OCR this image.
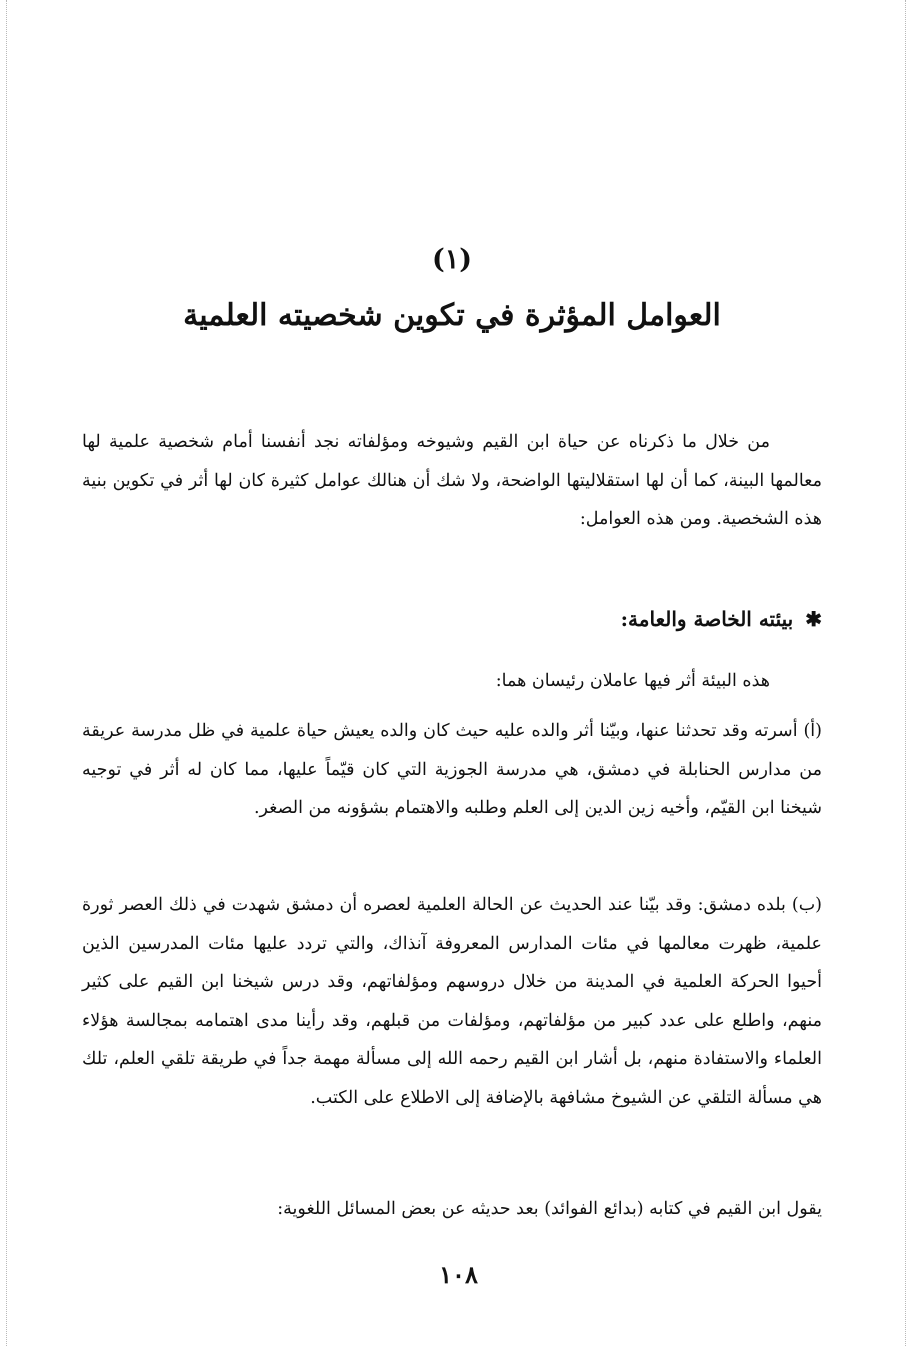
(١)
العوامل المؤثرة في تكوين شخصيته العلمية

من خلال ما ذكرناه عن حياة ابن القيم وشيوخه ومؤلفاته نجد أنفسنا أمام شخصية علمية لها معالمها البينة، كما أن لها استقلاليتها الواضحة، ولا شك أن هنالك عوامل كثيرة كان لها أثر في تكوين بنية هذه الشخصية. ومن هذه العوامل:

✱بيئته الخاصة والعامة:

هذه البيئة أثر فيها عاملان رئيسان هما:

(أ) أسرته وقد تحدثنا عنها، وبيّنا أثر والده عليه حيث كان والده يعيش حياة علمية في ظل مدرسة عريقة من مدارس الحنابلة في دمشق، هي مدرسة الجوزية التي كان قيّماً عليها، مما كان له أثر في توجيه شيخنا ابن القيّم، وأخيه زين الدين إلى العلم وطلبه والاهتمام بشؤونه من الصغر.

(ب) بلده دمشق: وقد بيّنا عند الحديث عن الحالة العلمية لعصره أن دمشق شهدت في ذلك العصر ثورة علمية، ظهرت معالمها في مئات المدارس المعروفة آنذاك، والتي تردد عليها مئات المدرسين الذين أحيوا الحركة العلمية في المدينة من خلال دروسهم ومؤلفاتهم، وقد درس شيخنا ابن القيم على كثير منهم، واطلع على عدد كبير من مؤلفاتهم، ومؤلفات من قبلهم، وقد رأينا مدى اهتمامه بمجالسة هؤلاء العلماء والاستفادة منهم، بل أشار ابن القيم رحمه الله إلى مسألة مهمة جداً في طريقة تلقي العلم، تلك هي مسألة التلقي عن الشيوخ مشافهة بالإضافة إلى الاطلاع على الكتب.

يقول ابن القيم في كتابه (بدائع الفوائد) بعد حديثه عن بعض المسائل اللغوية:

١٠٨
